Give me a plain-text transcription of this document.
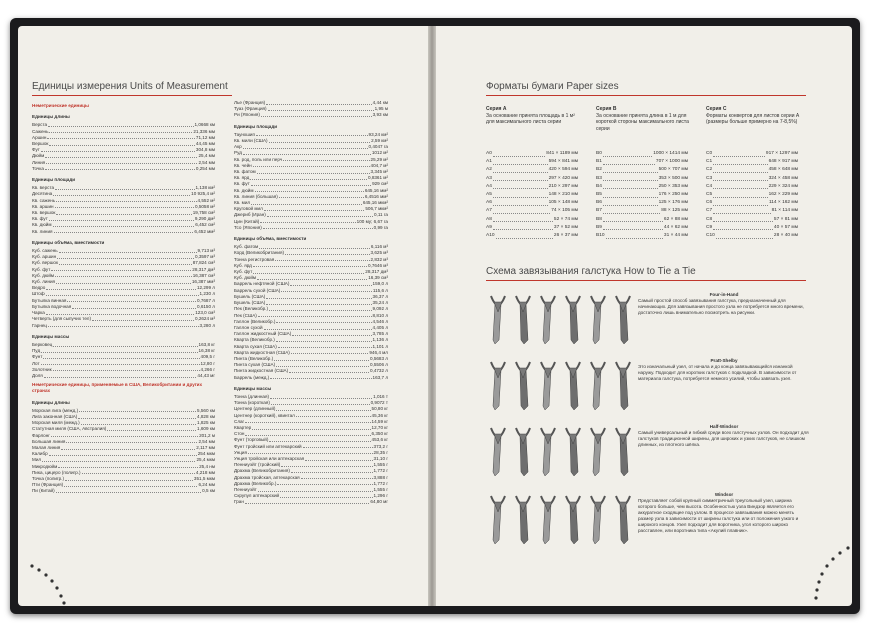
Единицы измерения Units of Measurement
Неметрические единицы
Единицы длины
Верста	1,0668 км
Сажень	21,336 мм
Аршин	71,12 мм
Вершок	44,45 мм
Фут	304,8 мм
Дюйм	25,4 мм
Линия	2,54 мм
Точка	0,254 мм
Единицы площади
Кв. верста	1,138 км²
Десятина	10 925,4 м²
Кв. сажень	4,552 м²
Кв. аршин	0,5058 м²
Кв. вершок	19,758 см²
Кв. фут	9,290 дм²
Кв. дюйм	6,452 см²
Кв. линия	6,452 мм²
Единицы объёма, вместимости
Куб. сажень	9,713 м³
Куб. аршин	0,3597 м³
Куб. вершок	87,824 см³
Куб. фут	28,317 дм³
Куб. дюйм	16,387 см³
Куб. линия	16,387 мм³
Ведро	12,299 л
Штоф	1,230 л
Бутылка винная	0,7687 л
Бутылка водочная	0,6150 л
Чарка	123,0 см³
Четверть (для сыпучих тел)	0,2624 м³
Гарнец	3,280 л
Единицы массы
Берковец	163,8 кг
Пуд	16,38 кг
Фунт	409,5 г
Лот	12,80 г
Золотник	4,266 г
Доля	44,43 мг
Неметрические единицы, применяемые в США, Великобритании и других странах
Единицы длины
Морская лига (межд.)	5,560 км
Лига законная (США)	4,828 км
Морская миля (межд.)	1,825 км
Статутная миля (США, Австралия)	1,609 км
Фарлонг	201,2 м
Большая линия	2,54 мм
Малая линия	2,117 мм
Калибр	254 мкм
Мил	25,4 мкм
Микродюйм	25,4 нм
Пика, цицеро (полигр.)	4,218 мм
Точка (полигр.)	351,5 мкм
Пти (Франция)	6,24 мм
Пи (Китай)	0,5 км
Лье (Франция)	4,44 км
Туаз (Франция)	1,95 м
Ри (Япония)	3,93 км
Единицы площади
Таунхшип	93,24 км²
Кв. мили (США)	2,59 км²
Акр	0,4047 га
Руд	1012 м²
Кв. род, поль или перч	25,29 м²
Кв. чейн	404,7 м²
Кв. фатом	3,345 м²
Кв. ярд	0,8361 м²
Кв. фут	929 см²
Кв. дюйм	645,16 мм²
Кв. линия (большая)	6,4516 мм²
Кв. мил	645,16 мкм²
Круговой мил	506,7 мкм²
Джериб (Иран)	0,11 га
Цин (Китай)	100 му; 6,67 га
Тсо (Япония)	0,99 га
Единицы объёма, вместимости
Куб. фатом	6,116 м³
Корд (Великобритания)	3,625 м³
Тонна регистровая	2,832 м³
Куб. ярд	0,7646 м³
Куб. фут	28,317 дм³
Куб. дюйм	16,39 см³
Баррель нефтяной (США)	159,0 л
Баррель сухой (США)	115,6 л
Бушель (США)	36,37 л
Бушель (США)	35,24 л
Пек (Великобр.)	9,092 л
Пек (США)	8,810 л
Галлон (Великобр.)	4,546 л
Галлон сухой	4,405 л
Галлон жидкостный (США)	3,785 л
Кварта (Великобр.)	1,136 л
Кварта сухая (США)	1,101 л
Кварта жидкостная (США)	946,4 мл
Пинта (Великобр.)	0,5683 л
Пинта сухая (США)	0,5506 л
Пинта жидкостная (США)	0,4732 л
Баррель (межд.)	163,7 л
Единицы массы
Тонна (длинная)	1,016 т
Тонна (короткая)	0,9072 т
Центнер (длинный)	50,80 кг
Центнер (короткий), квинтал	45,36 кг
Слаг	14,59 кг
Квартер	12,70 кг
Стон	6,350 кг
Фунт (торговый)	453,6 кг
Фунт тройский или аптекарский	373,2 г
Унция	28,35 г
Унция тройская или аптекарская	31,10 г
Пенниуэйт (тройский)	1,555 г
Драхма (Великобритания)	1,772 г
Драхма тройская, аптекарская	3,888 г
Драхма (Великобр.)	1,772 г
Пенниуэйт	1,555 г
Скрупул аптекарский	1,296 г
Гран	64,80 мг
Форматы бумаги Paper sizes
Серия A
За основание принята площадь в 1 м² для максимального листа серии
A0	841 × 1189 мм
A1	594 × 841 мм
A2	420 × 594 мм
A3	297 × 420 мм
A4	210 × 297 мм
A5	148 × 210 мм
A6	105 × 148 мм
A7	74 × 105 мм
A8	52 × 74 мм
A9	37 × 52 мм
A10	26 × 37 мм
Серия B
За основание принята длина в 1 м для короткой стороны максимального листа серии
B0	1000 × 1414 мм
B1	707 × 1000 мм
B2	500 × 707 мм
B3	353 × 500 мм
B4	250 × 353 мм
B5	176 × 250 мм
B6	125 × 176 мм
B7	88 × 125 мм
B8	62 × 88 мм
B9	44 × 62 мм
B10	31 × 44 мм
Серия C
Форматы конвертов для листов серии A (размеры больше примерно на 7-8,5%)
C0	917 × 1297 мм
C1	648 × 917 мм
C2	458 × 648 мм
C3	324 × 458 мм
C4	229 × 324 мм
C5	162 × 229 мм
C6	114 × 162 мм
C7	81 × 114 мм
C8	57 × 81 мм
C9	40 × 57 мм
C10	28 × 40 мм
Схема завязывания галстука How to Tie a Tie
Four-in-Hand
Самый простой способ завязывания галстука, предназначенный для начинающих. Для завязывания простого узла не потребуется много времени, достаточно лишь внимательно посмотреть на рисунки.
Pratt-Shelby
Это изначальный узел, от начала и до конца завязывающийся изнанкой наружу. Подходит для коротких галстуков с подкладкой. В зависимости от материала галстука, потребуется немного усилий, чтобы завязать узел.
Half-Windsor
Самый универсальный и гибкий среди всех галстучных узлов. Он подходит для галстуков традиционной ширины, для широких и узких галстуков, не слишком длинных, из плотного шёлка.
Windsor
Представляет собой крупный симметричный треугольный узел, ширина которого больше, чем высота. Особенностью узла Виндзор является его аккуратное сходящее под узлом. В процессе завязывания можно менять размер узла в зависимости от ширины галстука или от положения узкого и широкого концов. Узел подходит для воротника, угол которого широко расставлен, или воротника типа «Акулий плавник».
